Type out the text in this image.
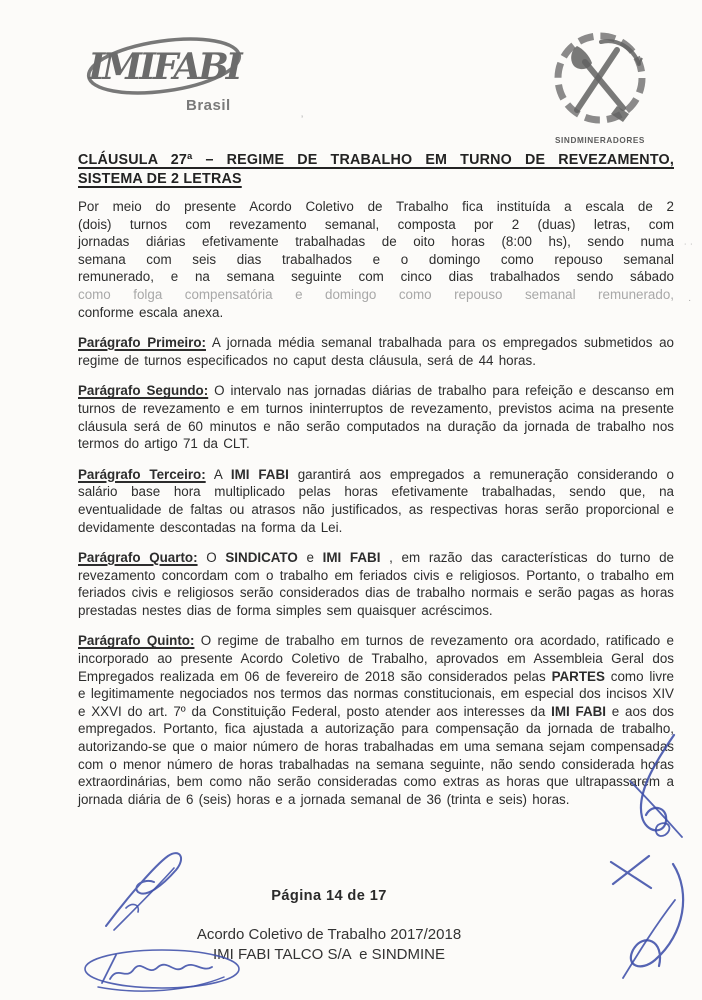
IMIFABI
Brasil
SINDMINERADORES
CLÁUSULA 27ª – REGIME DE TRABALHO EM TURNO DE REVEZAMENTO,
SISTEMA DE 2 LETRAS
Por meio do presente Acordo Coletivo de Trabalho fica instituída a escala de 2
(dois) turnos com revezamento semanal, composta por 2 (duas) letras, com
jornadas diárias efetivamente trabalhadas de oito horas (8:00 hs), sendo numa
semana com seis dias trabalhados e o domingo como repouso semanal
remunerado, e na semana seguinte com cinco dias trabalhados sendo sábado
como folga compensatória e domingo como repouso semanal remunerado,
conforme escala anexa.
Parágrafo Primeiro: A jornada média semanal trabalhada para os empregados submetidos ao regime de turnos especificados no caput desta cláusula, será de 44 horas.
Parágrafo Segundo: O intervalo nas jornadas diárias de trabalho para refeição e descanso em turnos de revezamento e em turnos ininterruptos de revezamento, previstos acima na presente cláusula será de 60 minutos e não serão computados na duração da jornada de trabalho nos termos do artigo 71 da CLT.
Parágrafo Terceiro: A IMI FABI garantirá aos empregados a remuneração considerando o salário base hora multiplicado pelas horas efetivamente trabalhadas, sendo que, na eventualidade de faltas ou atrasos não justificados, as respectivas horas serão proporcional e devidamente descontadas na forma da Lei.
Parágrafo Quarto: O SINDICATO e IMI FABI , em razão das características do turno de revezamento concordam com o trabalho em feriados civis e religiosos. Portanto, o trabalho em feriados civis e religiosos serão considerados dias de trabalho normais e serão pagas as horas prestadas nestes dias de forma simples sem quaisquer acréscimos.
Parágrafo Quinto: O regime de trabalho em turnos de revezamento ora acordado, ratificado e incorporado ao presente Acordo Coletivo de Trabalho, aprovados em Assembleia Geral dos Empregados realizada em 06 de fevereiro de 2018 são considerados pelas PARTES como livre e legitimamente negociados nos termos das normas constitucionais, em especial dos incisos XIV e XXVI do art. 7º da Constituição Federal, posto atender aos interesses da IMI FABI e aos dos empregados. Portanto, fica ajustada a autorização para compensação da jornada de trabalho, autorizando-se que o maior número de horas trabalhadas em uma semana sejam compensadas com o menor número de horas trabalhadas na semana seguinte, não sendo considerada horas extraordinárias, bem como não serão consideradas como extras as horas que ultrapassarem a jornada diária de 6 (seis) horas e a jornada semanal de 36 (trinta e seis) horas.
Página 14 de 17
Acordo Coletivo de Trabalho 2017/2018
IMI FABI TALCO S/A  e SINDMINE
ʼ
˙ ˙
·
